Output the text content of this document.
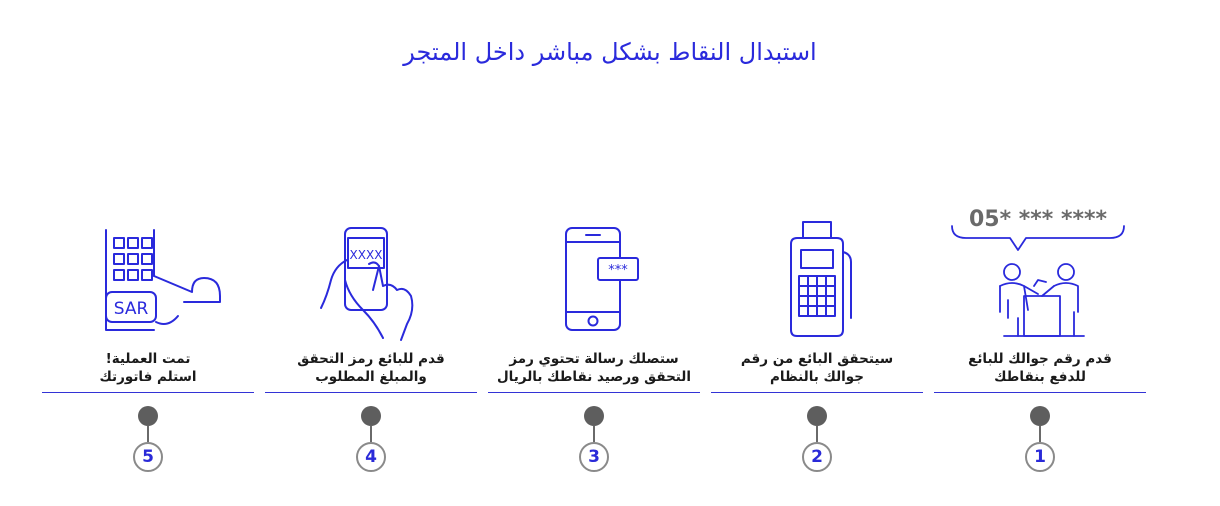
استبدال النقاط بشكل مباشر داخل المتجر
05* *** ****
قدم رقم جوالك للبائع
للدفع بنقاطك
1
سيتحقق البائع من رقم
جوالك بالنظام
2
***
ستصلك رسالة تحتوي رمز
التحقق ورصيد نقاطك بالريال
3
XXXX
قدم للبائع رمز التحقق
والمبلغ المطلوب
4
SAR
تمت العملية!
استلم فاتورتك
5
